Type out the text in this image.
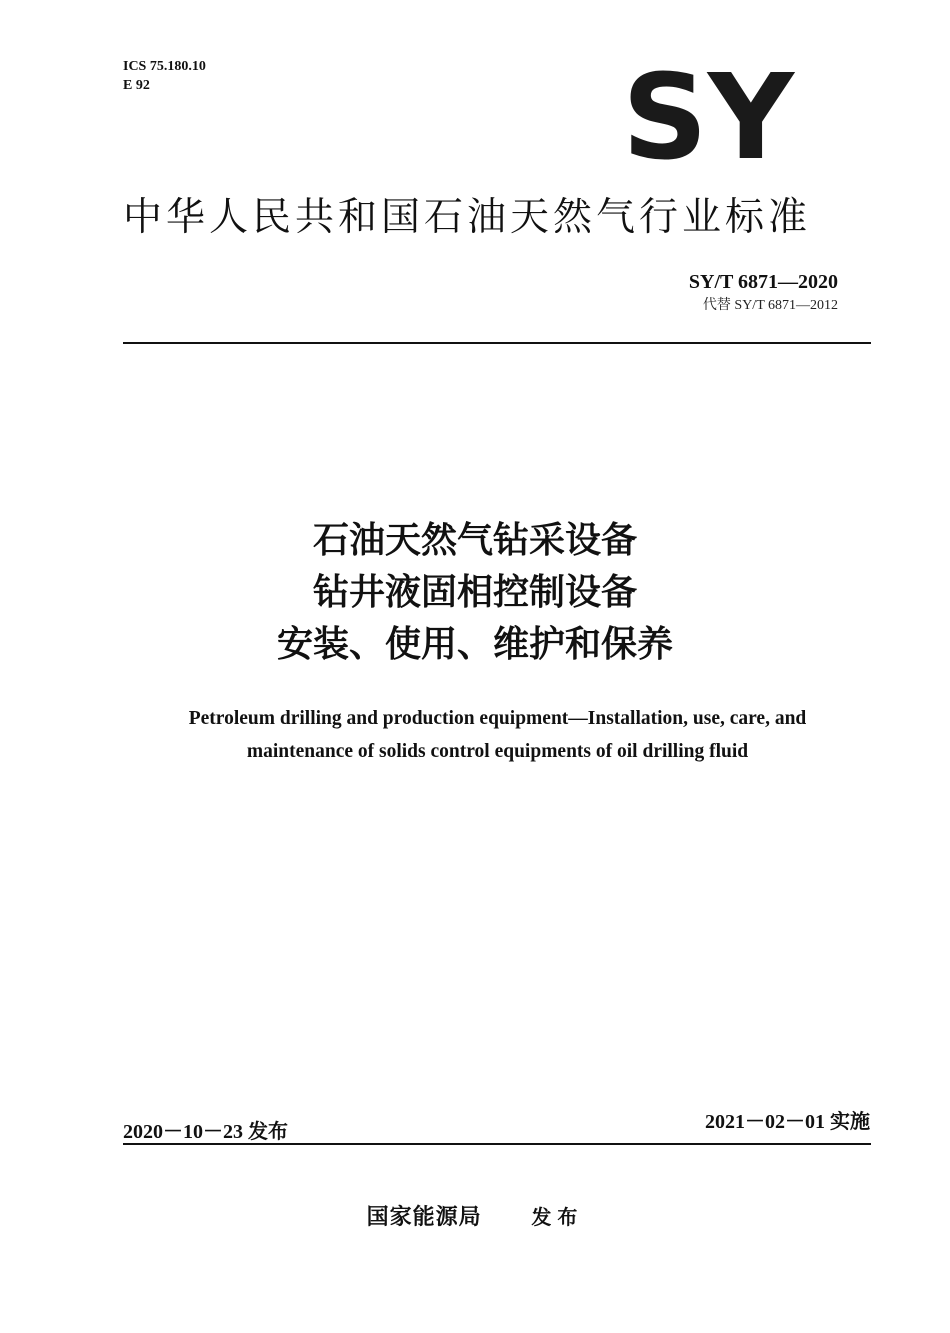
ICS 75.180.10
E 92	SY
中华人民共和国石油天然气行业标准
SY/T 6871—2020
代替 SY/T 6871—2012
石油天然气钻采设备
钻井液固相控制设备
安装、使用、维护和保养
Petroleum drilling and production equipment—Installation, use, care, and
maintenance of solids control equipments of oil drilling fluid
2020－10－23 发布	2021－02－01 实施
国家能源局 发布
